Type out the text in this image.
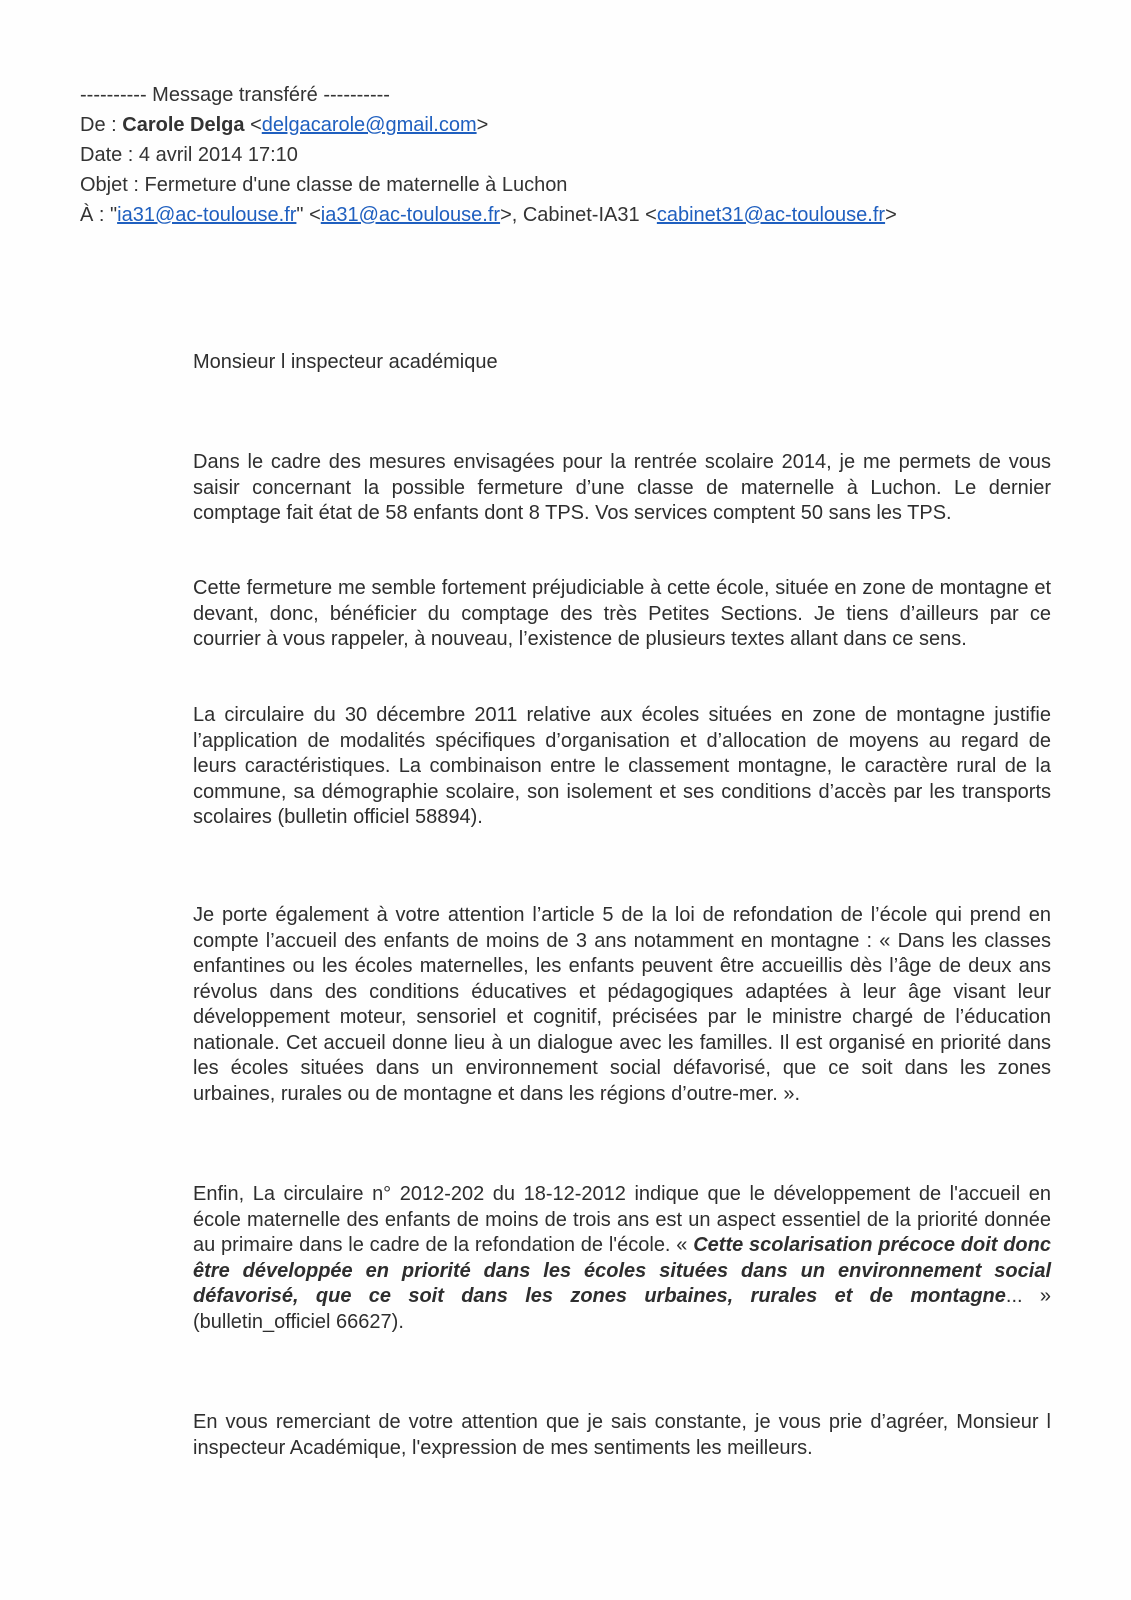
---------- Message transféré ----------
De : Carole Delga <delgacarole@gmail.com>
Date : 4 avril 2014 17:10
Objet : Fermeture d'une classe de maternelle à Luchon
À : "ia31@ac-toulouse.fr" <ia31@ac-toulouse.fr>, Cabinet-IA31 <cabinet31@ac-toulouse.fr>

Monsieur l inspecteur académique

Dans le cadre des mesures envisagées pour la rentrée scolaire 2014, je me permets de vous saisir concernant la possible fermeture d’une classe de maternelle à Luchon. Le dernier comptage fait état de 58 enfants dont 8 TPS. Vos services comptent 50 sans les TPS.

Cette fermeture me semble fortement préjudiciable à cette école, située en zone de montagne et devant, donc, bénéficier du comptage des très Petites Sections. Je tiens d’ailleurs par ce courrier à vous rappeler, à nouveau, l’existence de plusieurs textes allant dans ce sens.

La circulaire du 30 décembre 2011 relative aux écoles situées en zone de montagne justifie l’application de modalités spécifiques d’organisation et d’allocation de moyens au regard de leurs caractéristiques. La combinaison entre le classement montagne, le caractère rural de la commune, sa démographie scolaire, son isolement et ses conditions d’accès par les transports scolaires (bulletin officiel 58894).

Je porte également à votre attention l’article 5 de la loi de refondation de l’école qui prend en compte l’accueil des enfants de moins de 3 ans notamment en montagne : « Dans les classes enfantines ou les écoles maternelles, les enfants peuvent être accueillis dès l’âge de deux ans révolus dans des conditions éducatives et pédagogiques adaptées à leur âge visant leur développement moteur, sensoriel et cognitif, précisées par le ministre chargé de l’éducation nationale. Cet accueil donne lieu à un dialogue avec les familles. Il est organisé en priorité dans les écoles situées dans un environnement social défavorisé, que ce soit dans les zones urbaines, rurales ou de montagne et dans les régions d’outre-mer. ».

Enfin, La circulaire n° 2012-202 du 18-12-2012 indique que le développement de l'accueil en école maternelle des enfants de moins de trois ans est un aspect essentiel de la priorité donnée au primaire dans le cadre de la refondation de l'école. « Cette scolarisation précoce doit donc être développée en priorité dans les écoles situées dans un environnement social défavorisé, que ce soit dans les zones urbaines, rurales et de montagne... » (bulletin_officiel 66627).

En vous remerciant de votre attention que je sais constante, je vous prie d’agréer, Monsieur l inspecteur Académique, l'expression de mes sentiments les meilleurs.
